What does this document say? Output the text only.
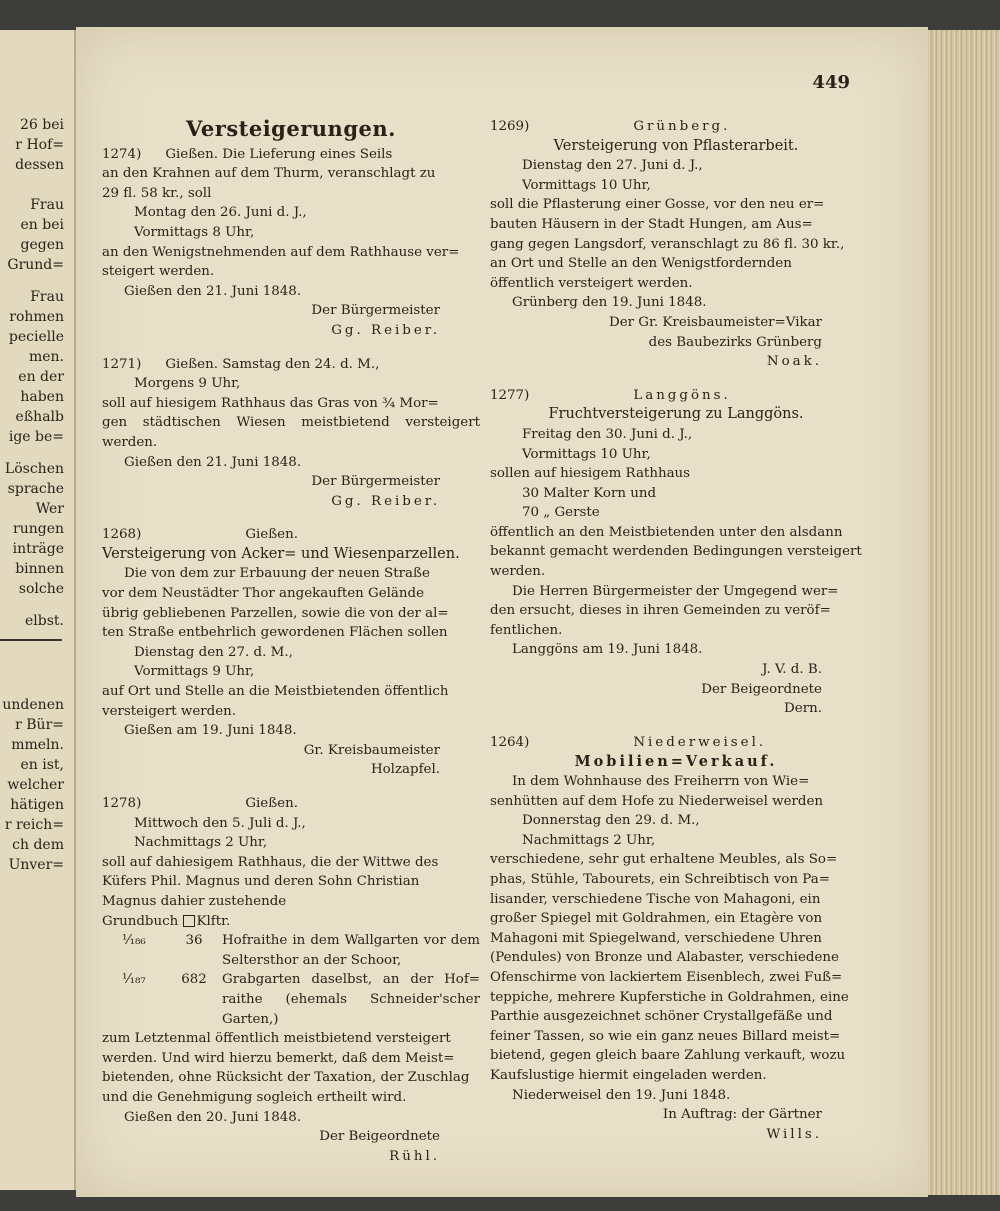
26 bei
r Hof=
dessen
Frau
en bei
gegen
Grund=
Frau
rohmen
pecielle
men.
en der
haben
eßhalb
ige be=
Löschen
sprache
Wer
rungen
inträge
binnen
solche
elbst.
undenen
r Bür=
mmeln.
en ist,
welcher
hätigen
r reich=
ch dem
Unver=
449
Versteigerungen.
1274) Gießen. Die Lieferung eines Seils
an den Krahnen auf dem Thurm, veranschlagt zu
29 fl. 58 kr., soll
Montag den 26. Juni d. J.,
Vormittags 8 Uhr,
an den Wenigstnehmenden auf dem Rathhause ver=
steigert werden.
Gießen den 21. Juni 1848.
Der Bürgermeister
Gg. Reiber.
1271) Gießen. Samstag den 24. d. M.,
Morgens 9 Uhr,
soll auf hiesigem Rathhaus das Gras von ¾ Mor=
gen städtischen Wiesen meistbietend versteigert werden.
Gießen den 21. Juni 1848.
Der Bürgermeister
Gg. Reiber.
1268)	Gießen.
Versteigerung von Acker= und Wiesenparzellen.
Die von dem zur Erbauung der neuen Straße
vor dem Neustädter Thor angekauften Gelände
übrig gebliebenen Parzellen, sowie die von der al=
ten Straße entbehrlich gewordenen Flächen sollen
Dienstag den 27. d. M.,
Vormittags 9 Uhr,
auf Ort und Stelle an die Meistbietenden öffentlich
versteigert werden.
Gießen am 19. Juni 1848.
Gr. Kreisbaumeister
Holzapfel.
1278)	Gießen.
Mittwoch den 5. Juli d. J.,
Nachmittags 2 Uhr,
soll auf dahiesigem Rathhaus, die der Wittwe des
Küfers Phil. Magnus und deren Sohn Christian
Magnus dahier zustehende
Grundbuch Klftr.
¹⁄₁₈₆	36	Hofraithe in dem Wallgarten vor dem Seltersthor an der Schoor,
¹⁄₁₈₇	682	Grabgarten daselbst, an der Hof= raithe (ehemals Schneider'scher Garten,)
zum Letztenmal öffentlich meistbietend versteigert
werden. Und wird hierzu bemerkt, daß dem Meist=
bietenden, ohne Rücksicht der Taxation, der Zuschlag
und die Genehmigung sogleich ertheilt wird.
Gießen den 20. Juni 1848.
Der Beigeordnete
Rühl.
1269)	Grünberg.
Versteigerung von Pflasterarbeit.
Dienstag den 27. Juni d. J.,
Vormittags 10 Uhr,
soll die Pflasterung einer Gosse, vor den neu er=
bauten Häusern in der Stadt Hungen, am Aus=
gang gegen Langsdorf, veranschlagt zu 86 fl. 30 kr.,
an Ort und Stelle an den Wenigstfordernden
öffentlich versteigert werden.
Grünberg den 19. Juni 1848.
Der Gr. Kreisbaumeister=Vikar
des Baubezirks Grünberg
Noak.
1277)	Langgöns.
Fruchtversteigerung zu Langgöns.
Freitag den 30. Juni d. J.,
Vormittags 10 Uhr,
sollen auf hiesigem Rathhaus
30 Malter Korn und
70 „ Gerste
öffentlich an den Meistbietenden unter den alsdann
bekannt gemacht werdenden Bedingungen versteigert
werden.
Die Herren Bürgermeister der Umgegend wer=
den ersucht, dieses in ihren Gemeinden zu veröf=
fentlichen.
Langgöns am 19. Juni 1848.
J. V. d. B.
Der Beigeordnete
Dern.
1264)	Niederweisel.
Mobilien=Verkauf.
In dem Wohnhause des Freiherrn von Wie=
senhütten auf dem Hofe zu Niederweisel werden
Donnerstag den 29. d. M.,
Nachmittags 2 Uhr,
verschiedene, sehr gut erhaltene Meubles, als So=
phas, Stühle, Tabourets, ein Schreibtisch von Pa=
lisander, verschiedene Tische von Mahagoni, ein
großer Spiegel mit Goldrahmen, ein Etagère von
Mahagoni mit Spiegelwand, verschiedene Uhren
(Pendules) von Bronze und Alabaster, verschiedene
Ofenschirme von lackiertem Eisenblech, zwei Fuß=
teppiche, mehrere Kupferstiche in Goldrahmen, eine
Parthie ausgezeichnet schöner Crystallgefäße und
feiner Tassen, so wie ein ganz neues Billard meist=
bietend, gegen gleich baare Zahlung verkauft, wozu
Kaufslustige hiermit eingeladen werden.
Niederweisel den 19. Juni 1848.
In Auftrag: der Gärtner
Wills.
